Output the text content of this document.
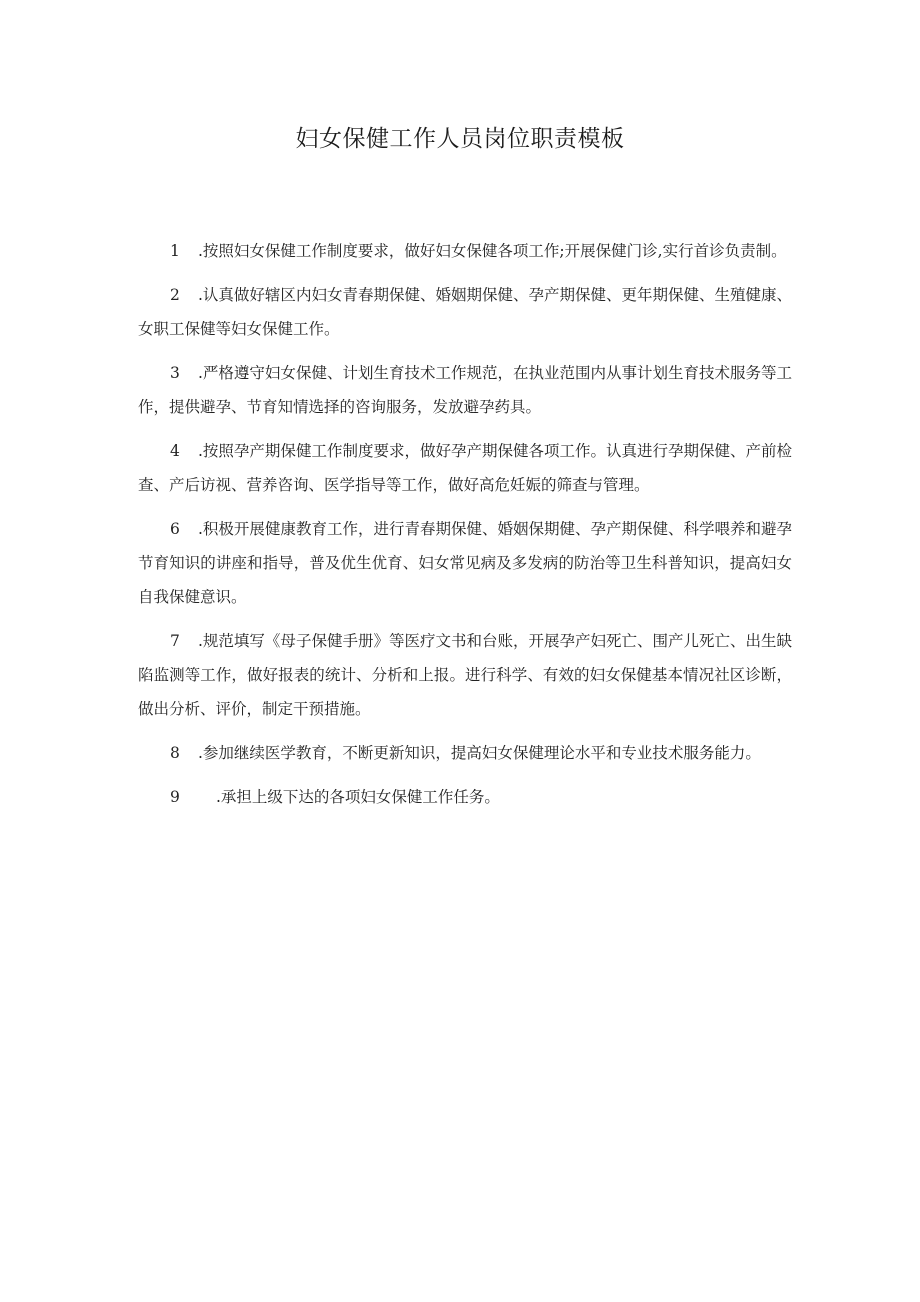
妇女保健工作人员岗位职责模板

1 .按照妇女保健工作制度要求，做好妇女保健各项工作;开展保健门诊,实行首诊负责制。

2 .认真做好辖区内妇女青春期保健、婚姻期保健、孕产期保健、更年期保健、生殖健康、女职工保健等妇女保健工作。

3 .严格遵守妇女保健、计划生育技术工作规范，在执业范围内从事计划生育技术服务等工作，提供避孕、节育知情选择的咨询服务，发放避孕药具。

4 .按照孕产期保健工作制度要求，做好孕产期保健各项工作。认真进行孕期保健、产前检查、产后访视、营养咨询、医学指导等工作，做好高危妊娠的筛查与管理。

6 .积极开展健康教育工作，进行青春期保健、婚姻保期健、孕产期保健、科学喂养和避孕节育知识的讲座和指导，普及优生优育、妇女常见病及多发病的防治等卫生科普知识，提高妇女自我保健意识。

7 .规范填写《母子保健手册》等医疗文书和台账，开展孕产妇死亡、围产儿死亡、出生缺陷监测等工作，做好报表的统计、分析和上报。进行科学、有效的妇女保健基本情况社区诊断，做出分析、评价，制定干预措施。

8 .参加继续医学教育，不断更新知识，提高妇女保健理论水平和专业技术服务能力。

9 .承担上级下达的各项妇女保健工作任务。
